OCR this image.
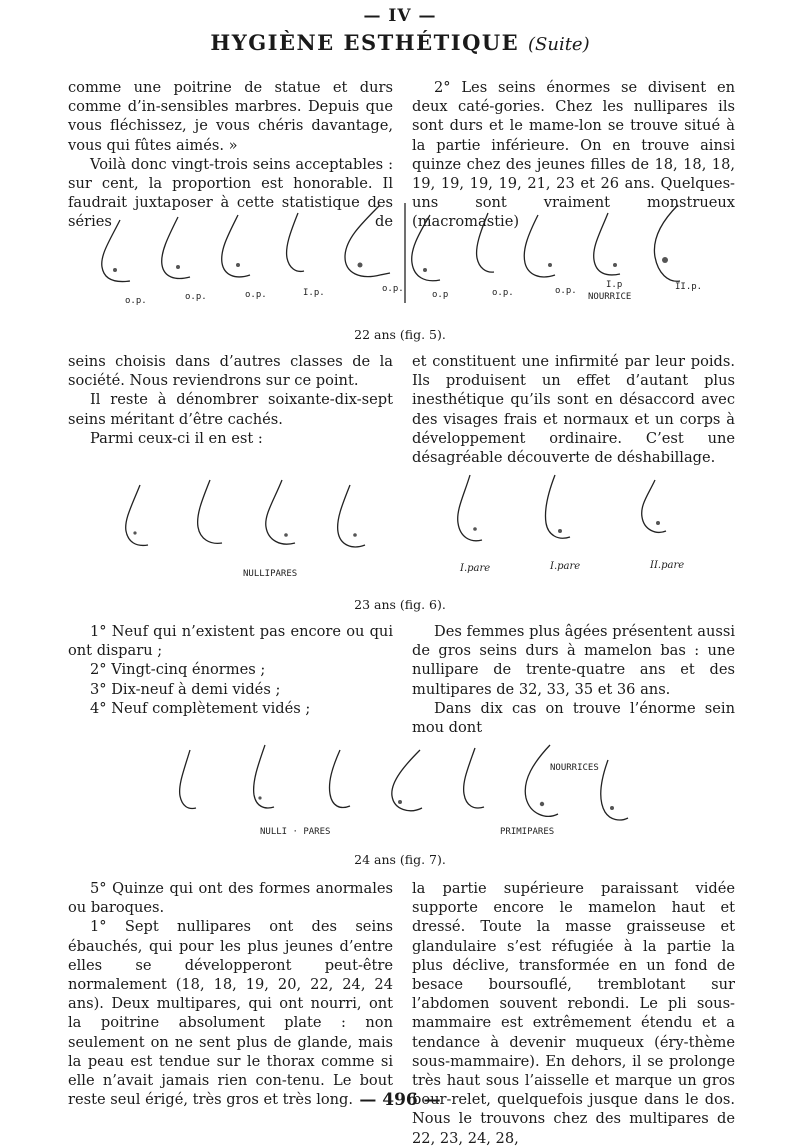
— IV —
HYGIÈNE ESTHÉTIQUE (Suite)

comme une poitrine de statue et durs comme d’in-sensibles marbres. Depuis que vous fléchissez, je vous chéris davantage, vous qui fûtes aimés. »

Voilà donc vingt-trois seins acceptables : sur cent, la proportion est honorable. Il faudrait juxtaposer à cette statistique des séries de

2° Les seins énormes se divisent en deux caté-gories. Chez les nullipares ils sont durs et le mame-lon se trouve situé à la partie inférieure. On en trouve ainsi quinze chez des jeunes filles de 18, 18, 18, 19, 19, 19, 19, 21, 23 et 26 ans. Quelques-uns sont vraiment monstrueux (macromastie)

o.p.	o.p.	o.p.	I.p.	o.p.
o.p	o.p.	o.p.
I.p
NOURRICE
II.p.
22 ans (fig. 5).

seins choisis dans d’autres classes de la société. Nous reviendrons sur ce point.

Il reste à dénombrer soixante-dix-sept seins méritant d’être cachés.

Parmi ceux-ci il en est :

et constituent une infirmité par leur poids. Ils produisent un effet d’autant plus inesthétique qu’ils sont en désaccord avec des visages frais et normaux et un corps à développement ordinaire. C’est une désagréable découverte de déshabillage.

NULLIPARES	I.pare	I.pare	II.pare
23 ans (fig. 6).

1° Neuf qui n’existent pas encore ou qui ont disparu ;

2° Vingt-cinq énormes ;

3° Dix-neuf à demi vidés ;

4° Neuf complètement vidés ;

Des femmes plus âgées présentent aussi de gros seins durs à mamelon bas : une nullipare de trente-quatre ans et des multipares de 32, 33, 35 et 36 ans.

Dans dix cas on trouve l’énorme sein mou dont

NOURRICES
NULLI · PARES	PRIMIPARES
24 ans (fig. 7).

5° Quinze qui ont des formes anormales ou baroques.

1° Sept nullipares ont des seins ébauchés, qui pour les plus jeunes d’entre elles se développeront peut-être normalement (18, 18, 19, 20, 22, 24, 24 ans). Deux multipares, qui ont nourri, ont la poitrine absolument plate : non seulement on ne sent plus de glande, mais la peau est tendue sur le thorax comme si elle n’avait jamais rien con-tenu. Le bout reste seul érigé, très gros et très long.

la partie supérieure paraissant vidée supporte encore le mamelon haut et dressé. Toute la masse graisseuse et glandulaire s’est réfugiée à la partie la plus déclive, transformée en un fond de besace boursouflé, tremblotant sur l’abdomen souvent rebondi. Le pli sous-mammaire est extrêmement étendu et a tendance à devenir muqueux (éry-thème sous-mammaire). En dehors, il se prolonge très haut sous l’aisselle et marque un gros bour-relet, quelquefois jusque dans le dos. Nous le trouvons chez des multipares de 22, 23, 24, 28,

— 496 —
